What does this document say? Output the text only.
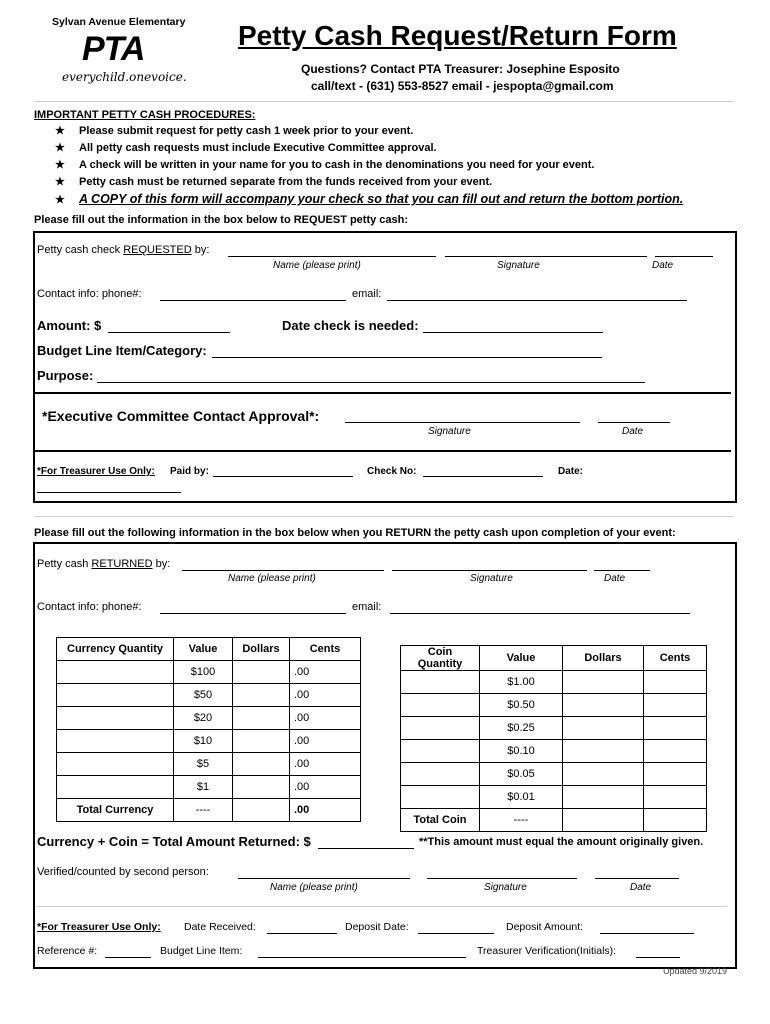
Sylvan Avenue Elementary
PTA
everychild.onevoice.
Petty Cash Request/Return Form
Questions? Contact PTA Treasurer: Josephine Esposito
call/text - (631) 553-8527 email - jespopta@gmail.com
IMPORTANT PETTY CASH PROCEDURES:
★ Please submit request for petty cash 1 week prior to your event.
★ All petty cash requests must include Executive Committee approval.
★ A check will be written in your name for you to cash in the denominations you need for your event.
★ Petty cash must be returned separate from the funds received from your event.
★ A COPY of this form will accompany your check so that you can fill out and return the bottom portion.
Please fill out the information in the box below to REQUEST petty cash:
Petty cash check REQUESTED by:
Name (please print)	Signature	Date
Contact info: phone#:	email:
Amount: $	Date check is needed:
Budget Line Item/Category:
Purpose:
*Executive Committee Contact Approval*:
Signature	Date
*For Treasurer Use Only: Paid by:	Check No:	Date:
Please fill out the following information in the box below when you RETURN the petty cash upon completion of your event:
Petty cash RETURNED by:
Name (please print)	Signature	Date
Contact info: phone#:	email:
Currency Quantity	Value	Dollars	Cents
	$100		.00
	$50		.00
	$20		.00
	$10		.00
	$5		.00
	$1		.00
Total Currency	----		.00
Coin Quantity	Value	Dollars	Cents
	$1.00		
	$0.50		
	$0.25		
	$0.10		
	$0.05		
	$0.01		
Total Coin	----		
Currency + Coin = Total Amount Returned: $	**This amount must equal the amount originally given.
Verified/counted by second person:
Name (please print)	Signature	Date
*For Treasurer Use Only: Date Received:	Deposit Date:	Deposit Amount:
Reference #:	Budget Line Item:	Treasurer Verification(Initials):
Updated 9/2019
